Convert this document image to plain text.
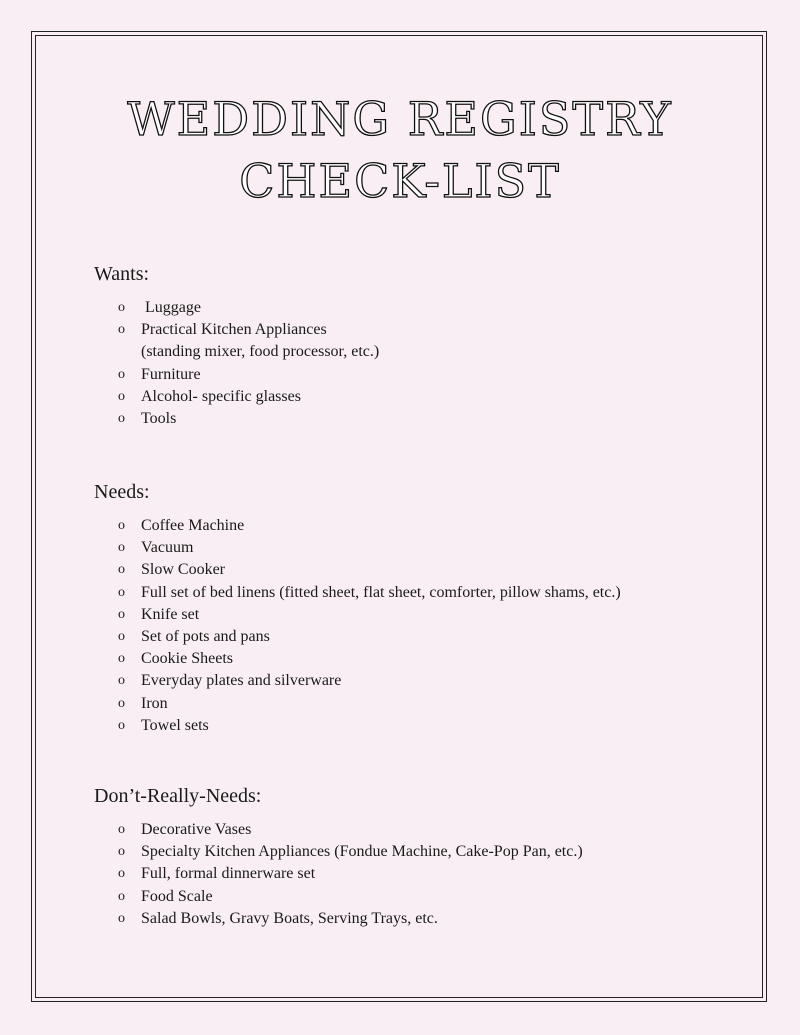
WEDDING REGISTRY
CHECK-LIST
Wants:
o Luggage
o Practical Kitchen Appliances
(standing mixer, food processor, etc.)
o Furniture
o Alcohol- specific glasses
o Tools
Needs:
o Coffee Machine
o Vacuum
o Slow Cooker
o Full set of bed linens (fitted sheet, flat sheet, comforter, pillow shams, etc.)
o Knife set
o Set of pots and pans
o Cookie Sheets
o Everyday plates and silverware
o Iron
o Towel sets
Don’t-Really-Needs:
o Decorative Vases
o Specialty Kitchen Appliances (Fondue Machine, Cake-Pop Pan, etc.)
o Full, formal dinnerware set
o Food Scale
o Salad Bowls, Gravy Boats, Serving Trays, etc.
